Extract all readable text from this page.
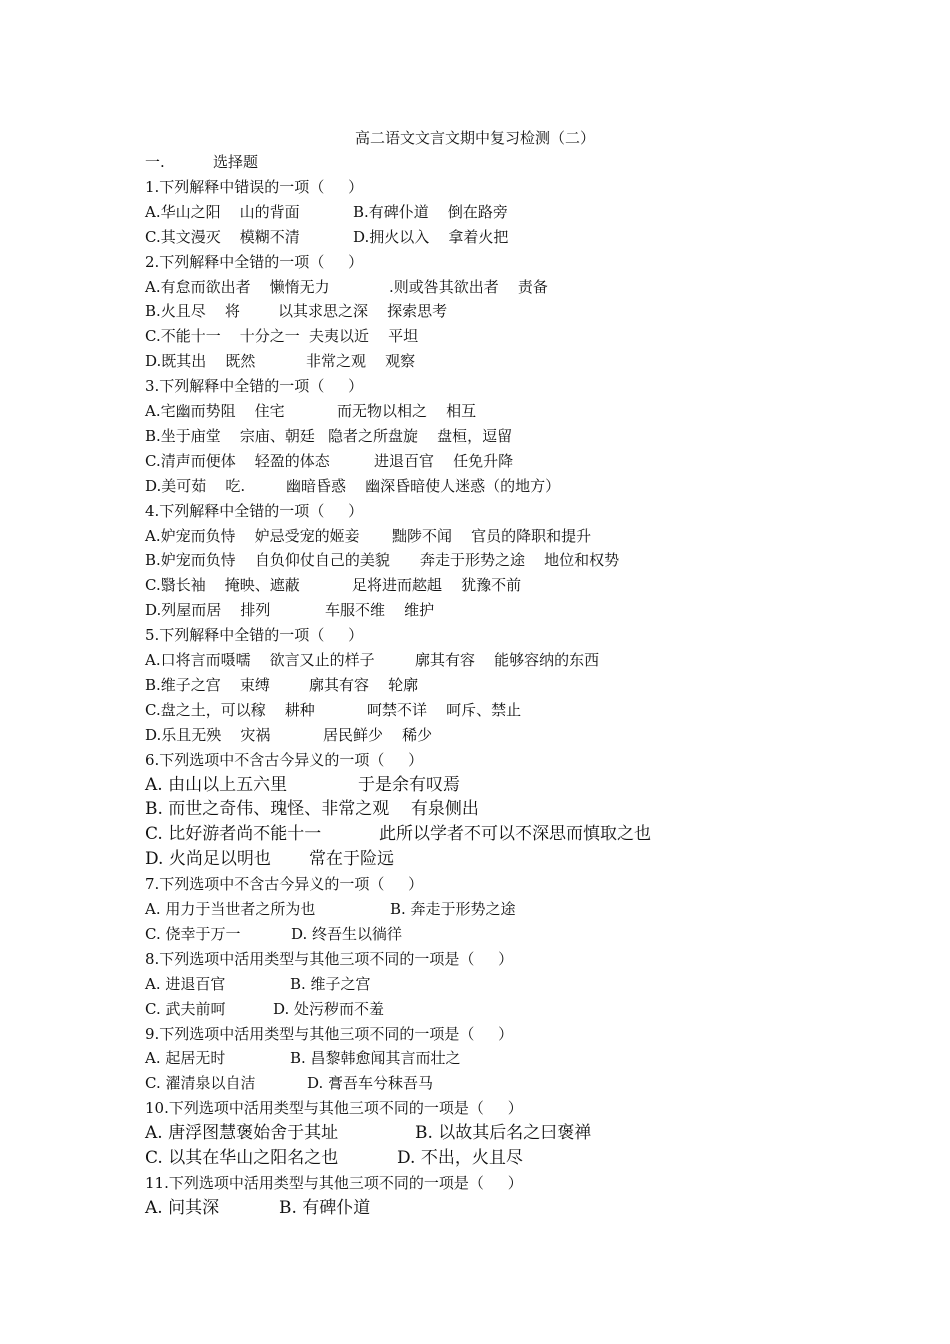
高二语文文言文期中复习检测（二）
一.	选择题
1.下列解释中错误的一项（     ）
A.华山之阳    山的背面	B.有碑仆道    倒在路旁
C.其文漫灭    模糊不清	D.拥火以入    拿着火把
2.下列解释中全错的一项（     ）
A.有怠而欲出者    懒惰无力	.则或咎其欲出者    责备
B.火且尽    将	以其求思之深    探索思考
C.不能十一    十分之一 夫夷以近    平坦
D.既其出    既然	非常之观    观察
3.下列解释中全错的一项（     ）
A.宅幽而势阻    住宅	而无物以相之    相互
B.坐于庙堂    宗庙、朝廷 隐者之所盘旋    盘桓，逗留
C.清声而便体    轻盈的体态	进退百官    任免升降
D.美可茹    吃.	幽暗昏惑    幽深昏暗使人迷惑（的地方）
4.下列解释中全错的一项（     ）
A.妒宠而负恃    妒忌受宠的姬妾 黜陟不闻    官员的降职和提升
B.妒宠而负恃    自负仰仗自己的美貌 奔走于形势之途    地位和权势
C.翳长袖    掩映、遮蔽	足将进而趑趄    犹豫不前
D.列屋而居    排列	车服不维    维护
5.下列解释中全错的一项（     ）
A.口将言而嗫嚅    欲言又止的样子	廓其有容    能够容纳的东西
B.维子之宫    束缚	廓其有容    轮廓
C.盘之土，可以稼    耕种	呵禁不详    呵斥、禁止
D.乐且无殃    灾祸	居民鲜少    稀少
6.下列选项中不含古今异义的一项（     ）
A. 由山以上五六里	于是余有叹焉
B. 而世之奇伟、瑰怪、非常之观    有泉侧出
C. 比好游者尚不能十一	此所以学者不可以不深思而慎取之也
D. 火尚足以明也 常在于险远
7.下列选项中不含古今异义的一项（     ）
A. 用力于当世者之所为也	B. 奔走于形势之途
C. 侥幸于万一	D. 终吾生以徜徉
8.下列选项中活用类型与其他三项不同的一项是（     ）
A. 进退百官	B. 维子之宫
C. 武夫前呵	D. 处污秽而不羞
9.下列选项中活用类型与其他三项不同的一项是（     ）
A. 起居无时	B. 昌黎韩愈闻其言而壮之
C. 濯清泉以自洁	D. 膏吾车兮秣吾马
10.下列选项中活用类型与其他三项不同的一项是（     ）
A. 唐浮图慧褒始舍于其址	B. 以故其后名之曰褒禅
C. 以其在华山之阳名之也	D. 不出，火且尽
11.下列选项中活用类型与其他三项不同的一项是（     ）
A. 问其深	B. 有碑仆道
